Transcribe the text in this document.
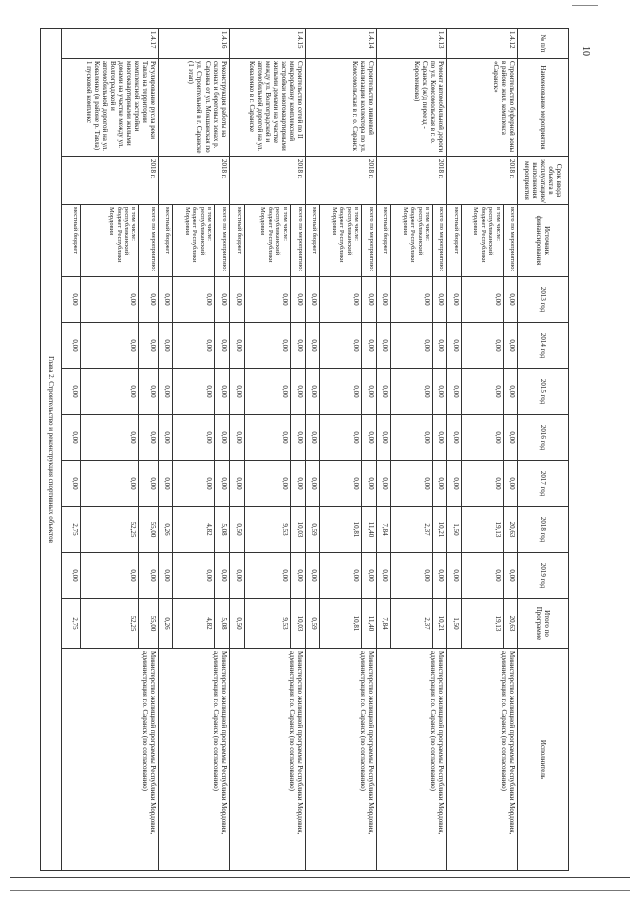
10
№ п/п	Наименование мероприятия	Срок ввода объекта в эксплуатацию/ выполнения мероприятия	Источник финансирования	2013 год	2014 год	2015 год	2016 год	2017 год	2018 год	2019 год	Итого по Программе	Исполнитель
1.4.12	Строительство буферной зоны в районе жил. комплекса «Саранск»	2018 г.	всего по мероприятию:	0,00	0,00	0,00	0,00	0,00	20,63	0,00	20,63	Министерство жилищной программы Республики Мордовия, администрация г.о. Саранск (по согласованию)
			в том числе: республиканский бюджет Республики Мордовия	0,00	0,00	0,00	0,00	0,00	19,13	0,00	19,13	
			местный бюджет	0,00	0,00	0,00	0,00	0,00	1,50	0,00	1,50	
1.4.13	Ремонт автомобильной дороги по ул. Комсомольская в г. о. Саранск (ж/д переезд - Короленкова)	2018 г.	всего по мероприятию:	0,00	0,00	0,00	0,00	0,00	10,21	0,00	10,21	Министерство жилищной программы Республики Мордовия, администрация г.о. Саранск (по согласованию)
			в том числе: республиканский бюджет Республики Мордовия	0,00	0,00	0,00	0,00	0,00	2,37	0,00	2,37	
			местный бюджет	0,00	0,00	0,00	0,00	0,00	7,84	0,00	7,84	
1.4.14	Строительство ливневой канализации коллектора по ул. Комсомольская в г. о. Саранск	2018 г.	всего по мероприятию:	0,00	0,00	0,00	0,00	0,00	11,40	0,00	11,40	Министерство жилищной программы Республики Мордовия, администрация г.о. Саранск (по согласованию)
			в том числе: республиканский бюджет Республики Мордовия	0,00	0,00	0,00	0,00	0,00	10,81	0,00	10,81	
			местный бюджет	0,00	0,00	0,00	0,00	0,00	0,59	0,00	0,59	
1.4.15	Строительство сетей по II микрорайону комплексной застройки многоквартирными жилыми домами на участке между ул. Волгоградской и автомобильной дорогой на ул. Коваленко в г. Саранске	2018 г.	всего по мероприятию:	0,00	0,00	0,00	0,00	0,00	10,03	0,00	10,03	Министерство жилищной программы Республики Мордовия, администрация г.о. Саранск (по согласованию)
			в том числе: республиканский бюджет Республики Мордовия	0,00	0,00	0,00	0,00	0,00	9,53	0,00	9,53	
			местный бюджет	0,00	0,00	0,00	0,00	0,00	0,50	0,00	0,50	
1.4.16	Реконструкция работы на склонах и береговых зонах р. Саранка от ул. Мокшанская по ул. Строительной в г. Саранске (1 этап)	2018 г.	всего по мероприятию:	0,00	0,00	0,00	0,00	0,00	5,08	0,00	5,08	Министерство жилищной программы Республики Мордовия, администрация г.о. Саранск (по согласованию)
			в том числе: республиканский бюджет Республики Мордовия	0,00	0,00	0,00	0,00	0,00	4,82	0,00	4,82	
			местный бюджет	0,00	0,00	0,00	0,00	0,00	0,26	0,00	0,26	
1.4.17	Регулирование русла реки Тавла на территории комплексной застройки многоквартирными жилыми домами на участке между ул. Волгоградской и автомобильной дорогой на ул. Коваленко (в районе р. Тавла) 1 пусковой комплекс	2018 г.	всего по мероприятию:	0,00	0,00	0,00	0,00	0,00	55,00	0,00	55,00	Министерство жилищной программы Республики Мордовия, администрация г.о. Саранск (по согласованию)
			в том числе: республиканский бюджет Республики Мордовия	0,00	0,00	0,00	0,00	0,00	52,25	0,00	52,25	
			местный бюджет	0,00	0,00	0,00	0,00	0,00	2,75	0,00	2,75	
Глава 2. Строительство и реконструкция спортивных объектов												
